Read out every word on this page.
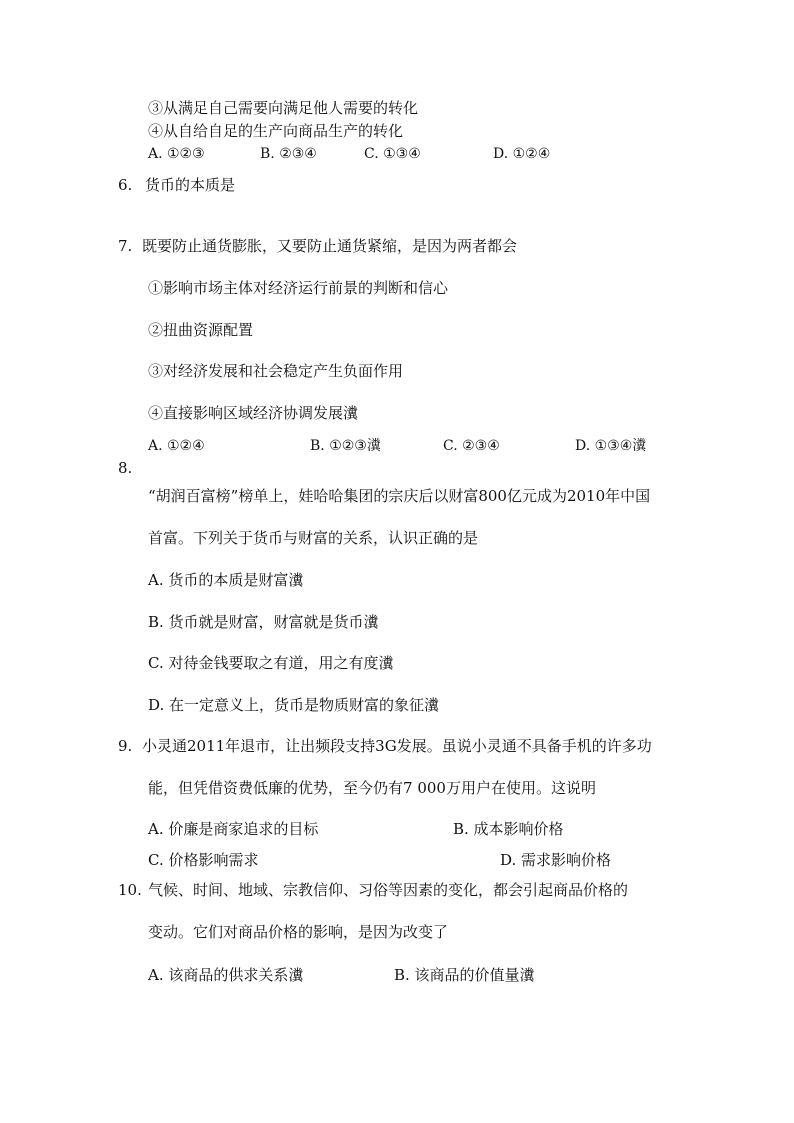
③从满足自己需要向满足他人需要的转化
④从自给自足的生产向商品生产的转化
A. ①②③	B. ②③④	C. ①③④	D. ①②④
6. 货币的本质是
7. 既要防止通货膨胀，又要防止通货紧缩，是因为两者都会
①影响市场主体对经济运行前景的判断和信心
②扭曲资源配置
③对经济发展和社会稳定产生负面作用
④直接影响区域经济协调发展瀵
A. ①②④	B. ①②③瀵	C. ②③④	D. ①③④瀵
8.
“胡润百富榜”榜单上，娃哈哈集团的宗庆后以财富800亿元成为2010年中国
首富。下列关于货币与财富的关系，认识正确的是
A. 货币的本质是财富瀵
B. 货币就是财富，财富就是货币瀵
C. 对待金钱要取之有道，用之有度瀵
D. 在一定意义上，货币是物质财富的象征瀵
9. 小灵通2011年退市，让出频段支持3G发展。虽说小灵通不具备手机的许多功
能，但凭借资费低廉的优势，至今仍有7 000万用户在使用。这说明
A. 价廉是商家追求的目标	B. 成本影响价格
C. 价格影响需求	D. 需求影响价格
10. 气候、时间、地域、宗教信仰、习俗等因素的变化，都会引起商品价格的
变动。它们对商品价格的影响，是因为改变了
A. 该商品的供求关系瀵	B. 该商品的价值量瀵
